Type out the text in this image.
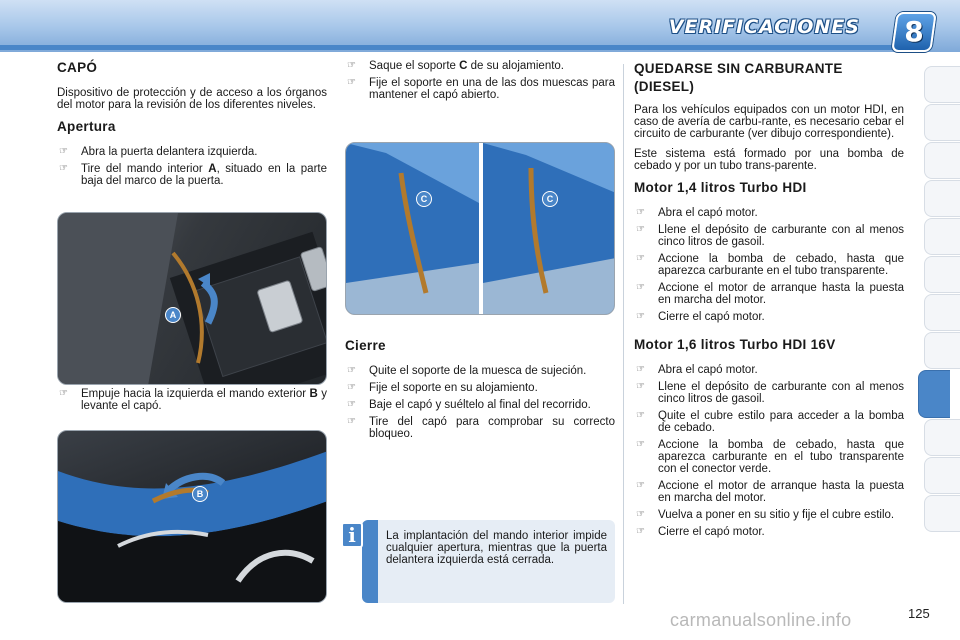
VERIFICACIONES 8
CAPÓ

Dispositivo de protección y de acceso a los órganos del motor para la revisión de los diferentes niveles.

Apertura
☞ Abra la puerta delantera izquierda.
☞ Tire del mando interior A, situado en la parte baja del marco de la puerta.
A
☞ Empuje hacia la izquierda el mando exterior B y levante el capó.
B
☞ Saque el soporte C de su alojamiento.
☞ Fije el soporte en una de las dos muescas para mantener el capó abierto.
C	C
Cierre
☞ Quite el soporte de la muesca de sujeción.
☞ Fije el soporte en su alojamiento.
☞ Baje el capó y suéltelo al final del recorrido.
☞ Tire del capó para comprobar su correcto bloqueo.

La implantación del mando interior impide cualquier apertura, mientras que la puerta delantera izquierda está cerrada.

i
QUEDARSE SIN CARBURANTE (DIESEL)

Para los vehículos equipados con un motor HDI, en caso de avería de carbu-rante, es necesario cebar el circuito de carburante (ver dibujo correspondiente).

Este sistema está formado por una bomba de cebado y por un tubo trans-parente.

Motor 1,4 litros Turbo HDI
☞ Abra el capó motor.
☞ Llene el depósito de carburante con al menos cinco litros de gasoil.
☞ Accione la bomba de cebado, hasta que aparezca carburante en el tubo transparente.
☞ Accione el motor de arranque hasta la puesta en marcha del motor.
☞ Cierre el capó motor.
Motor 1,6 litros Turbo HDI 16V
☞ Abra el capó motor.
☞ Llene el depósito de carburante con al menos cinco litros de gasoil.
☞ Quite el cubre estilo para acceder a la bomba de cebado.
☞ Accione la bomba de cebado, hasta que aparezca carburante en el tubo transparente con el conector verde.
☞ Accione el motor de arranque hasta la puesta en marcha del motor.
☞ Vuelva a poner en su sitio y fije el cubre estilo.
☞ Cierre el capó motor.
carmanualsonline.info	125
